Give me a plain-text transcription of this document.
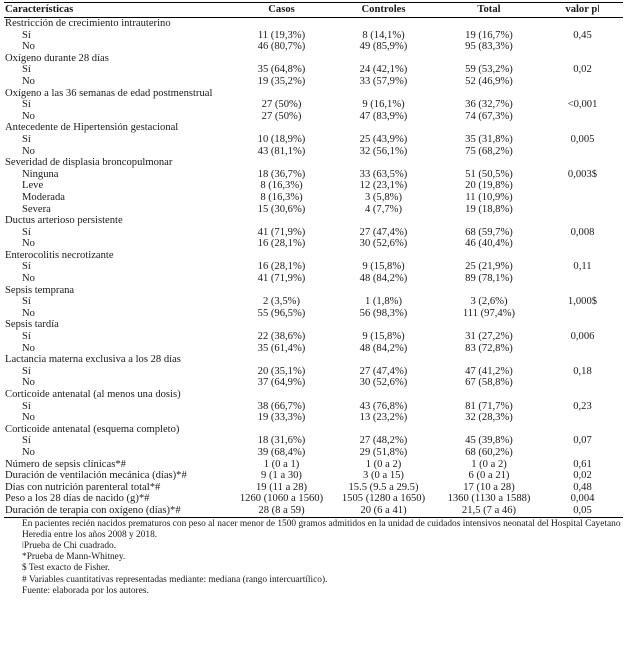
Características	Casos	Controles	Total	valor pǀ
Restricción de crecimiento intrauterino				
Sí	11 (19,3%)	8 (14,1%)	19 (16,7%)	0,45
No	46 (80,7%)	49 (85,9%)	95 (83,3%)	
Oxígeno durante 28 días				
Sí	35 (64,8%)	24 (42,1%)	59 (53,2%)	0,02
No	19 (35,2%)	33 (57,9%)	52 (46,9%)	
Oxígeno a las 36 semanas de edad postmenstrual				
Sí	27 (50%)	9 (16,1%)	36 (32,7%)	<0,001
No	27 (50%)	47 (83,9%)	74 (67,3%)	
Antecedente de Hipertensión gestacional				
Sí	10 (18,9%)	25 (43,9%)	35 (31,8%)	0,005
No	43 (81,1%)	32 (56,1%)	75 (68,2%)	
Severidad de displasia broncopulmonar				
Ninguna	18 (36,7%)	33 (63,5%)	51 (50,5%)	0,003$
Leve	8 (16,3%)	12 (23,1%)	20 (19,8%)	
Moderada	8 (16,3%)	3 (5,8%)	11 (10,9%)	
Severa	15 (30,6%)	4 (7,7%)	19 (18,8%)	
Ductus arterioso persistente				
Sí	41 (71,9%)	27 (47,4%)	68 (59,7%)	0,008
No	16 (28,1%)	30 (52,6%)	46 (40,4%)	
Enterocolitis necrotizante				
Sí	16 (28,1%)	9 (15,8%)	25 (21,9%)	0,11
No	41 (71,9%)	48 (84,2%)	89 (78,1%)	
Sepsis temprana				
Sí	2 (3,5%)	1 (1,8%)	3 (2,6%)	1,000$
No	55 (96,5%)	56 (98,3%)	111 (97,4%)	
Sepsis tardía				
Sí	22 (38,6%)	9 (15,8%)	31 (27,2%)	0,006
No	35 (61,4%)	48 (84,2%)	83 (72,8%)	
Lactancia materna exclusiva a los 28 días				
Sí	20 (35,1%)	27 (47,4%)	47 (41,2%)	0,18
No	37 (64,9%)	30 (52,6%)	67 (58,8%)	
Corticoide antenatal (al menos una dosis)				
Sí	38 (66,7%)	43 (76,8%)	81 (71,7%)	0,23
No	19 (33,3%)	13 (23,2%)	32 (28,3%)	
Corticoide antenatal (esquema completo)				
Sí	18 (31,6%)	27 (48,2%)	45 (39,8%)	0,07
No	39 (68,4%)	29 (51,8%)	68 (60,2%)	
Número de sepsis clínicas*#	1 (0 a 1)	1 (0 a 2)	1 (0 a 2)	0,61
Duración de ventilación mecánica (días)*#	9 (1 a 30)	3 (0 a 15)	6 (0 a 21)	0,02
Días con nutrición parenteral total*#	19 (11 a 28)	15.5 (9.5 a 29.5)	17 (10 a 28)	0,48
Peso a los 28 días de nacido (g)*#	1260 (1060 a 1560)	1505 (1280 a 1650)	1360 (1130 a 1588)	0,004
Duración de terapia con oxígeno (días)*#	28 (8 a 59)	20 (6 a 41)	21,5 (7 a 46)	0,05
En pacientes recién nacidos prematuros con peso al nacer menor de 1500 gramos admitidos en la unidad de cuidados intensivos neonatal del Hospital Cayetano Heredia entre los años 2008 y 2018.
ǀPrueba de Chi cuadrado.
*Prueba de Mann-Whitney.
$ Test exacto de Fisher.
# Variables cuantitativas representadas mediante: mediana (rango intercuartílico).
Fuente: elaborada por los autores.
